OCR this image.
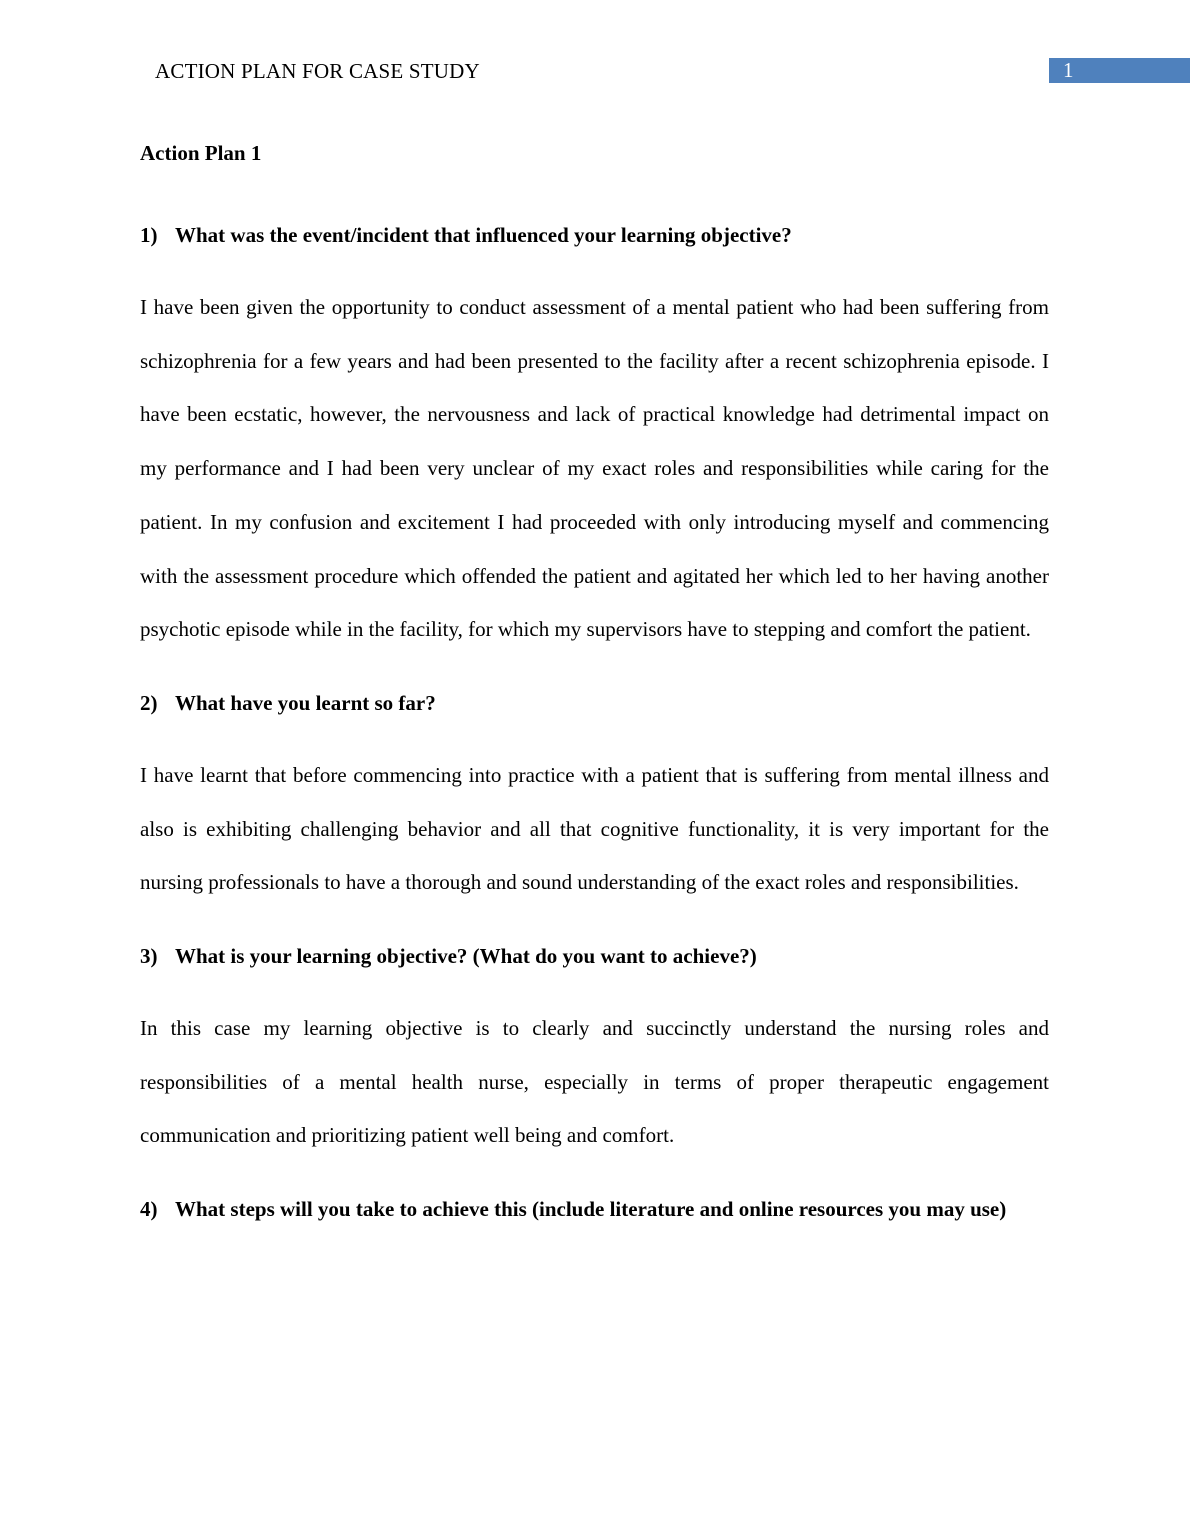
ACTION PLAN FOR CASE STUDY	1

Action Plan 1

1) What was the event/incident that influenced your learning objective?

I have been given the opportunity to conduct assessment of a mental patient who had been suffering from schizophrenia for a few years and had been presented to the facility after a recent schizophrenia episode. I have been ecstatic, however, the nervousness and lack of practical knowledge had detrimental impact on my performance and I had been very unclear of my exact roles and responsibilities while caring for the patient. In my confusion and excitement I had proceeded with only introducing myself and commencing with the assessment procedure which offended the patient and agitated her which led to her having another psychotic episode while in the facility, for which my supervisors have to stepping and comfort the patient.

2) What have you learnt so far?

I have learnt that before commencing into practice with a patient that is suffering from mental illness and also is exhibiting challenging behavior and all that cognitive functionality, it is very important for the nursing professionals to have a thorough and sound understanding of the exact roles and responsibilities.

3) What is your learning objective? (What do you want to achieve?)

In this case my learning objective is to clearly and succinctly understand the nursing roles and responsibilities of a mental health nurse, especially in terms of proper therapeutic engagement communication and prioritizing patient well being and comfort.

4) What steps will you take to achieve this (include literature and online resources you may use)
